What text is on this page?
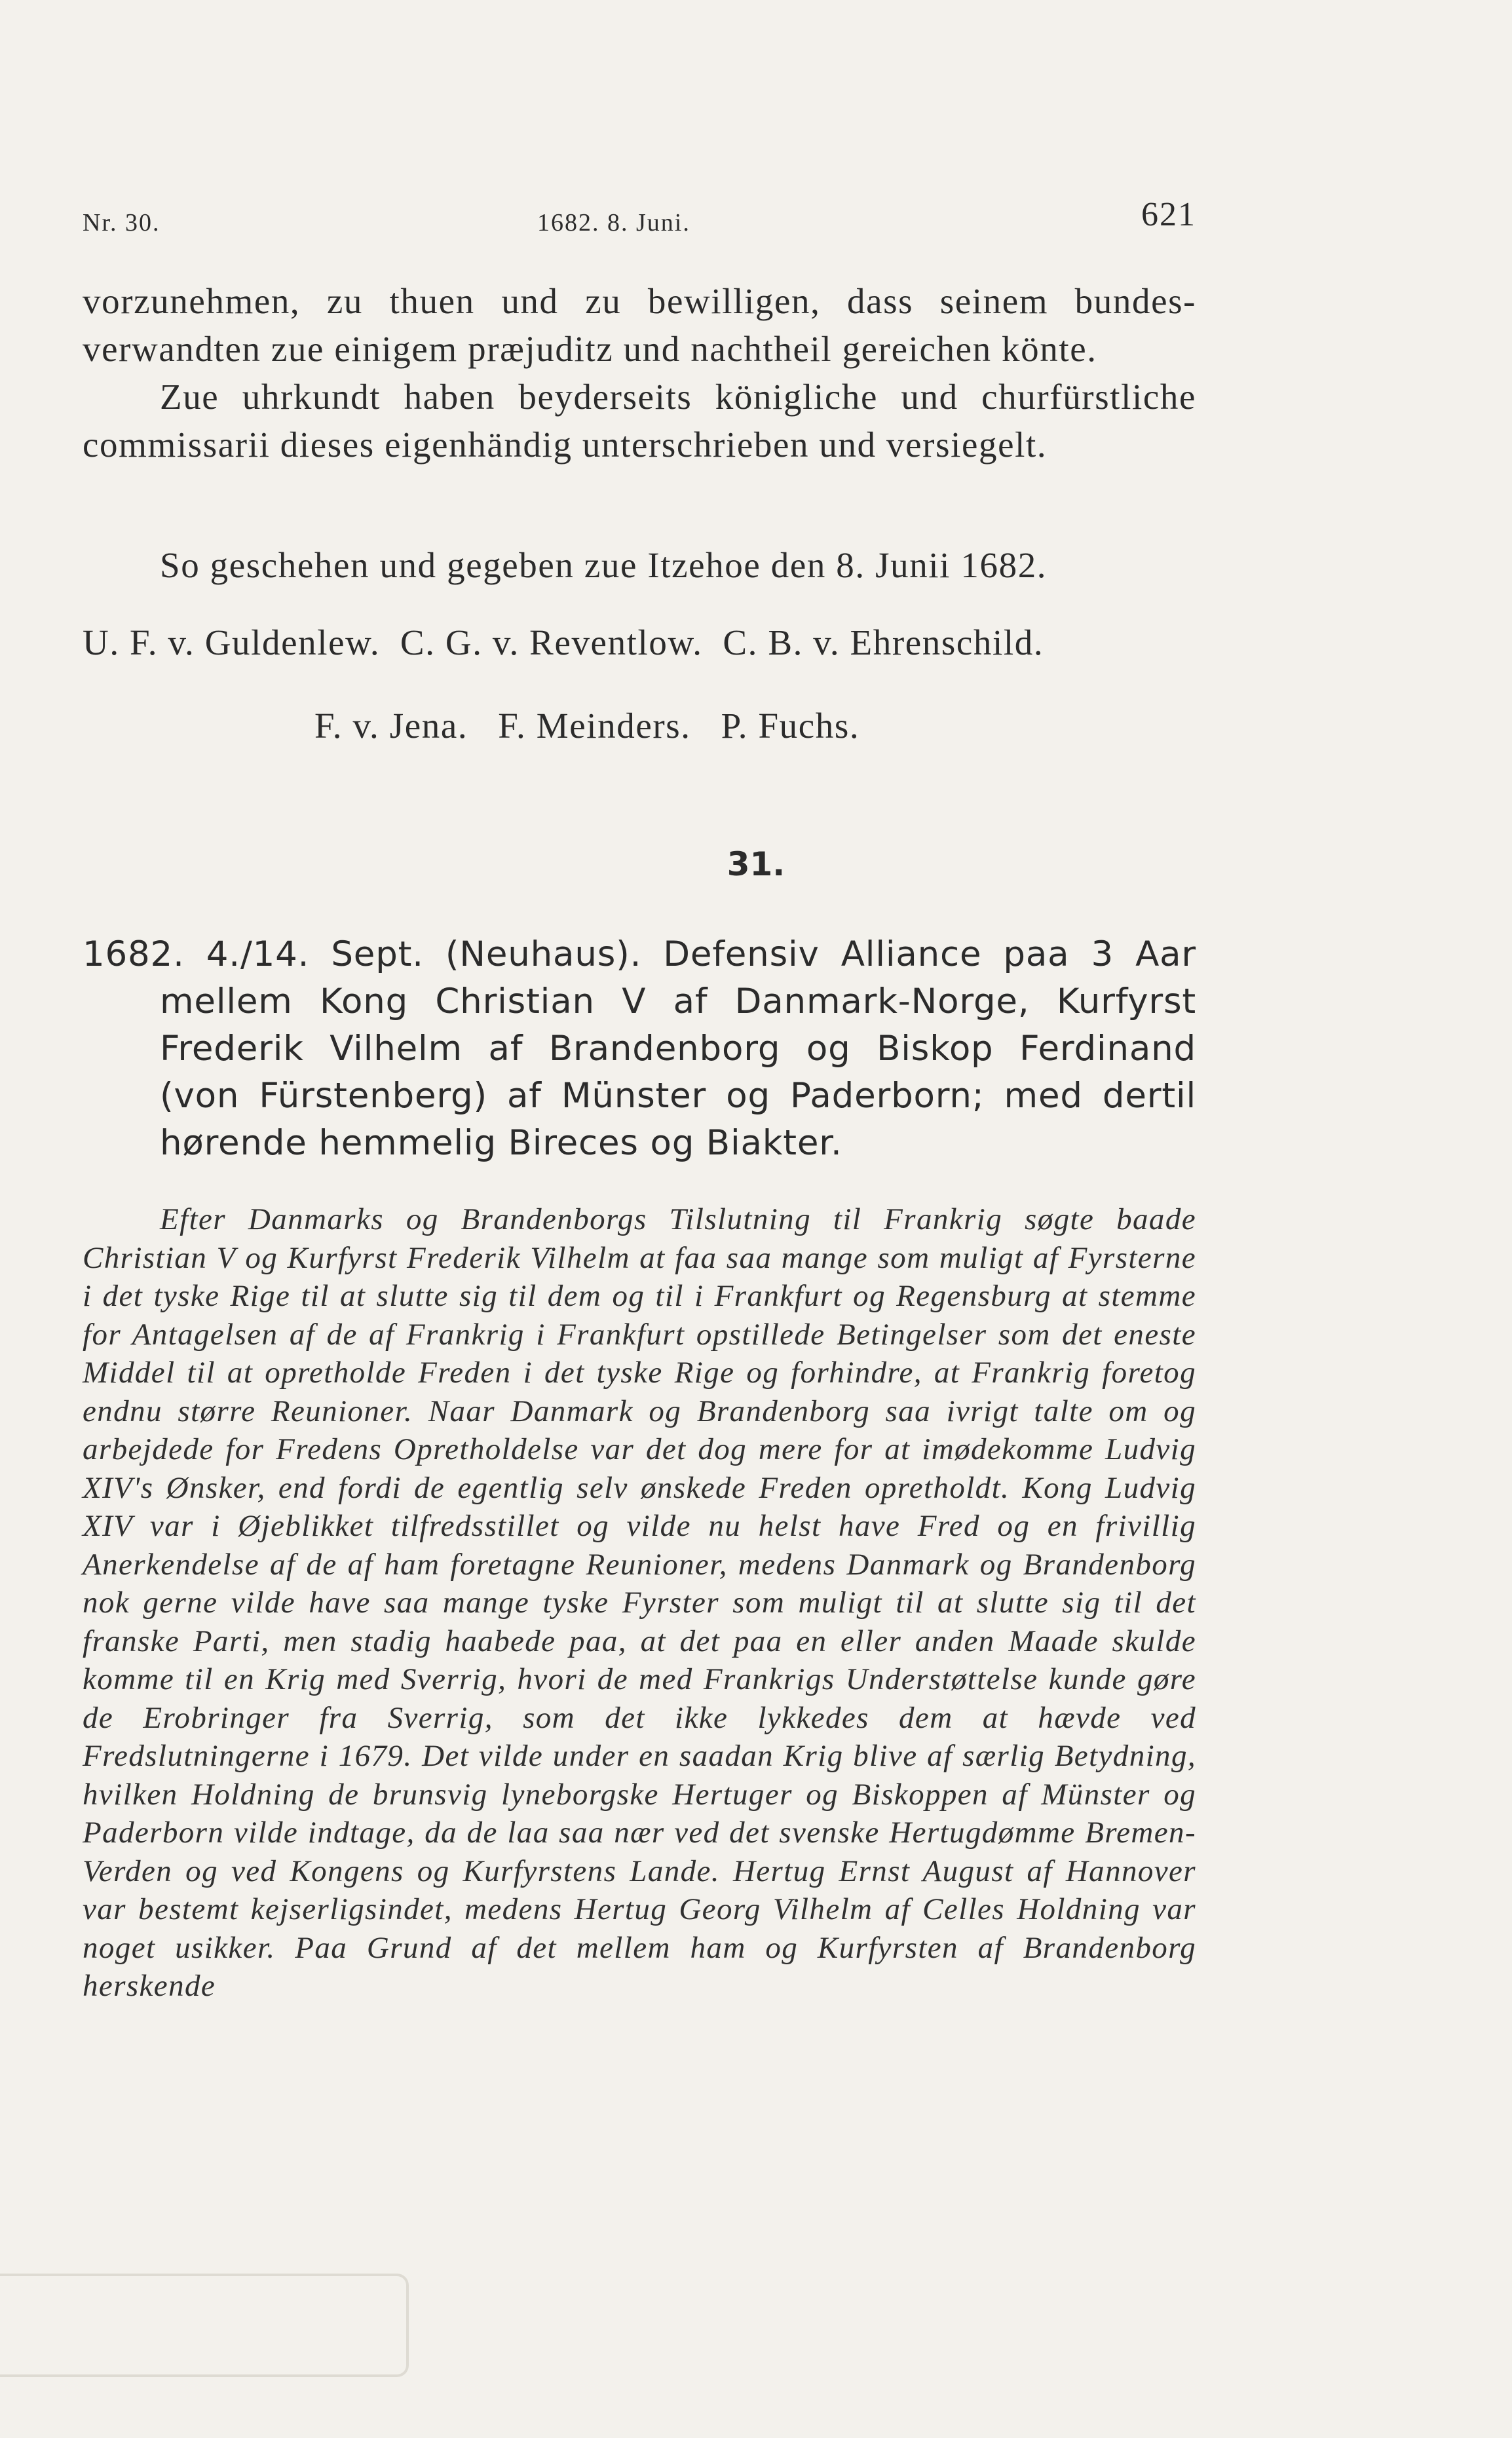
Nr. 30.	1682. 8. Juni.	621
vorzunehmen, zu thuen und zu bewilligen, dass seinem bundes-verwandten zue einigem præjuditz und nachtheil gereichen könte.
Zue uhrkundt haben beyderseits königliche und churfürstliche commissarii dieses eigenhändig unterschrieben und versiegelt.
So geschehen und gegeben zue Itzehoe den 8. Junii 1682.
U. F. v. Guldenlew.  C. G. v. Reventlow.  C. B. v. Ehrenschild.
F. v. Jena.   F. Meinders.   P. Fuchs.
31.
1682. 4./14. Sept. (Neuhaus). Defensiv Alliance paa 3 Aar mellem Kong Christian V af Danmark-Norge, Kurfyrst Frederik Vilhelm af Brandenborg og Biskop Ferdinand (von Fürstenberg) af Münster og Paderborn; med dertil hørende hemmelig Bireces og Biakter.
Efter Danmarks og Brandenborgs Tilslutning til Frankrig søgte baade Christian V og Kurfyrst Frederik Vilhelm at faa saa mange som muligt af Fyrsterne i det tyske Rige til at slutte sig til dem og til i Frankfurt og Regensburg at stemme for Antagelsen af de af Frankrig i Frankfurt opstillede Betingelser som det eneste Middel til at opretholde Freden i det tyske Rige og forhindre, at Frankrig foretog endnu større Reunioner. Naar Danmark og Brandenborg saa ivrigt talte om og arbejdede for Fredens Opretholdelse var det dog mere for at imødekomme Ludvig XIV's Ønsker, end fordi de egentlig selv ønskede Freden opretholdt. Kong Ludvig XIV var i Øjeblikket tilfredsstillet og vilde nu helst have Fred og en frivillig Anerkendelse af de af ham foretagne Reunioner, medens Danmark og Brandenborg nok gerne vilde have saa mange tyske Fyrster som muligt til at slutte sig til det franske Parti, men stadig haabede paa, at det paa en eller anden Maade skulde komme til en Krig med Sverrig, hvori de med Frankrigs Understøttelse kunde gøre de Erobringer fra Sverrig, som det ikke lykkedes dem at hævde ved Fredslutningerne i 1679. Det vilde under en saadan Krig blive af særlig Betydning, hvilken Holdning de brunsvig lyneborgske Hertuger og Biskoppen af Münster og Paderborn vilde indtage, da de laa saa nær ved det svenske Hertugdømme Bremen-Verden og ved Kongens og Kurfyrstens Lande. Hertug Ernst August af Hannover var bestemt kejserligsindet, medens Hertug Georg Vilhelm af Celles Holdning var noget usikker. Paa Grund af det mellem ham og Kurfyrsten af Brandenborg herskende
